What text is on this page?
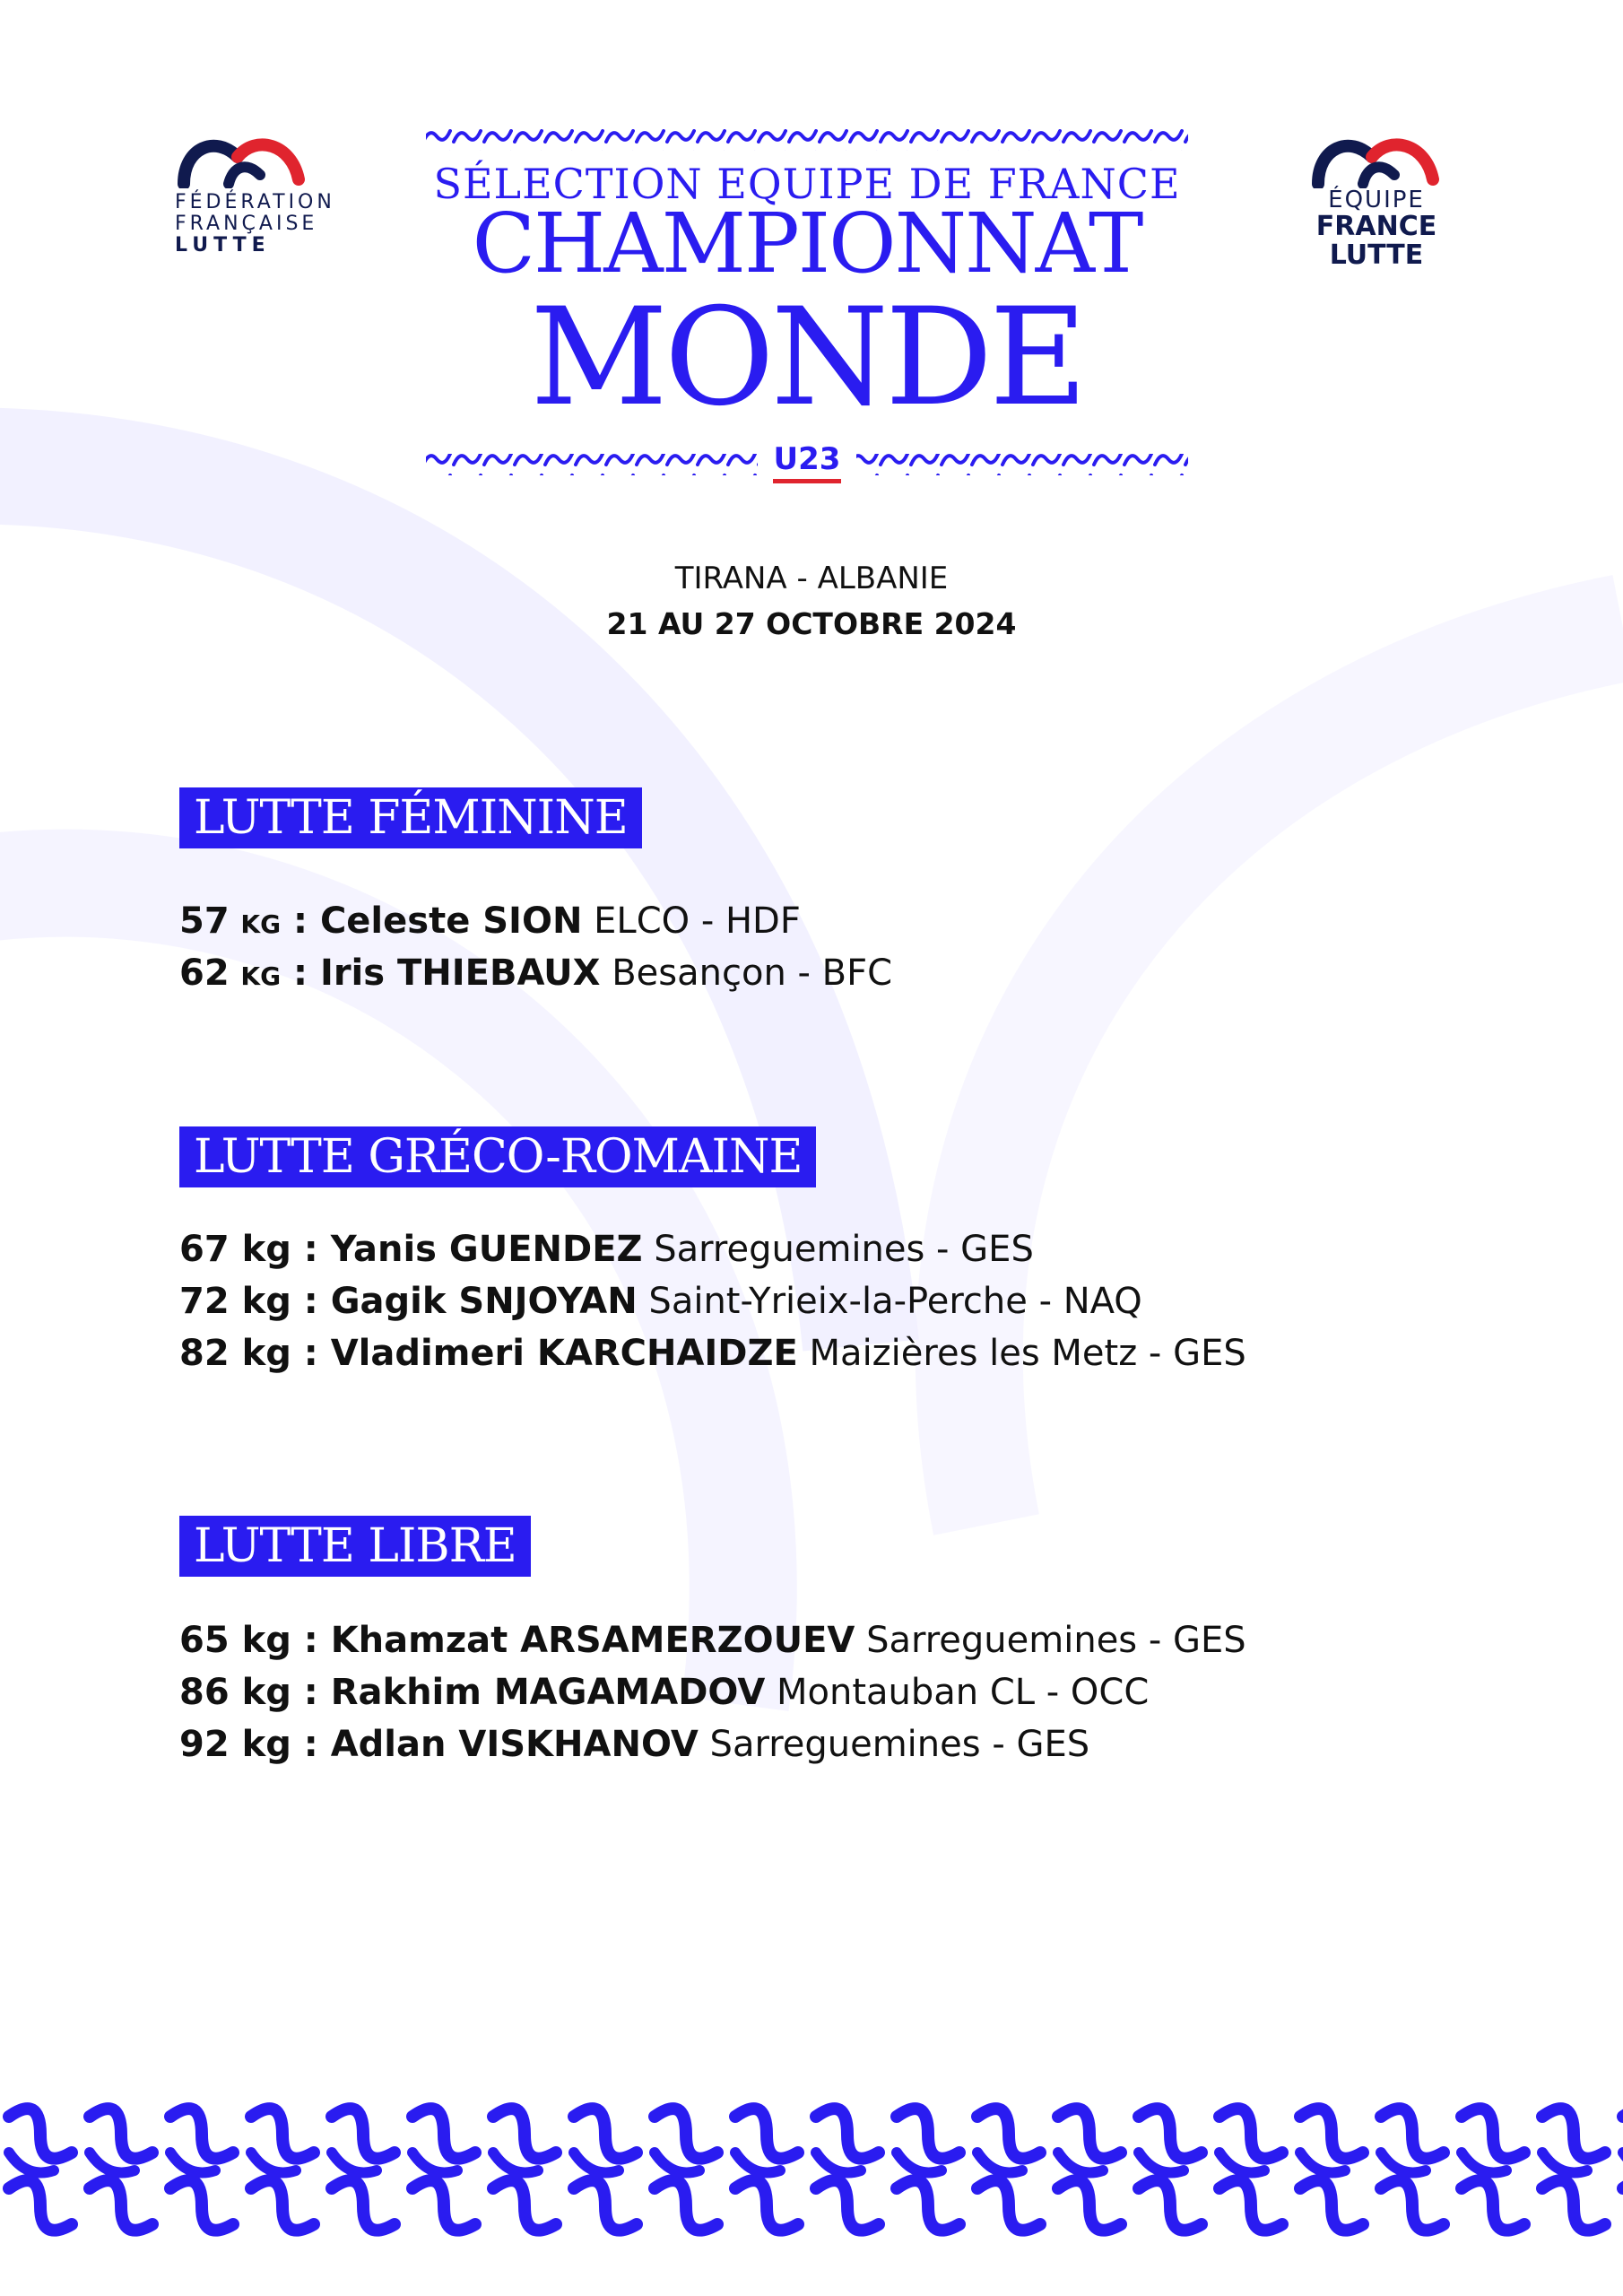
FÉDÉRATION
FRANÇAISE
LUTTE
ÉQUIPE
FRANCE
LUTTE
SÉLECTION EQUIPE DE FRANCE
CHAMPIONNAT
MONDE
U23
TIRANA - ALBANIE
21 AU 27 OCTOBRE 2024
LUTTE FÉMININE
57 KG : Celeste SION ELCO - HDF
62 KG : Iris THIEBAUX Besançon - BFC
LUTTE GRÉCO-ROMAINE
67 kg : Yanis GUENDEZ Sarreguemines - GES
72 kg : Gagik SNJOYAN Saint-Yrieix-la-Perche - NAQ
82 kg : Vladimeri KARCHAIDZE Maizières les Metz - GES
LUTTE LIBRE
65 kg : Khamzat ARSAMERZOUEV Sarreguemines - GES
86 kg : Rakhim MAGAMADOV Montauban CL - OCC
92 kg : Adlan VISKHANOV Sarreguemines - GES
